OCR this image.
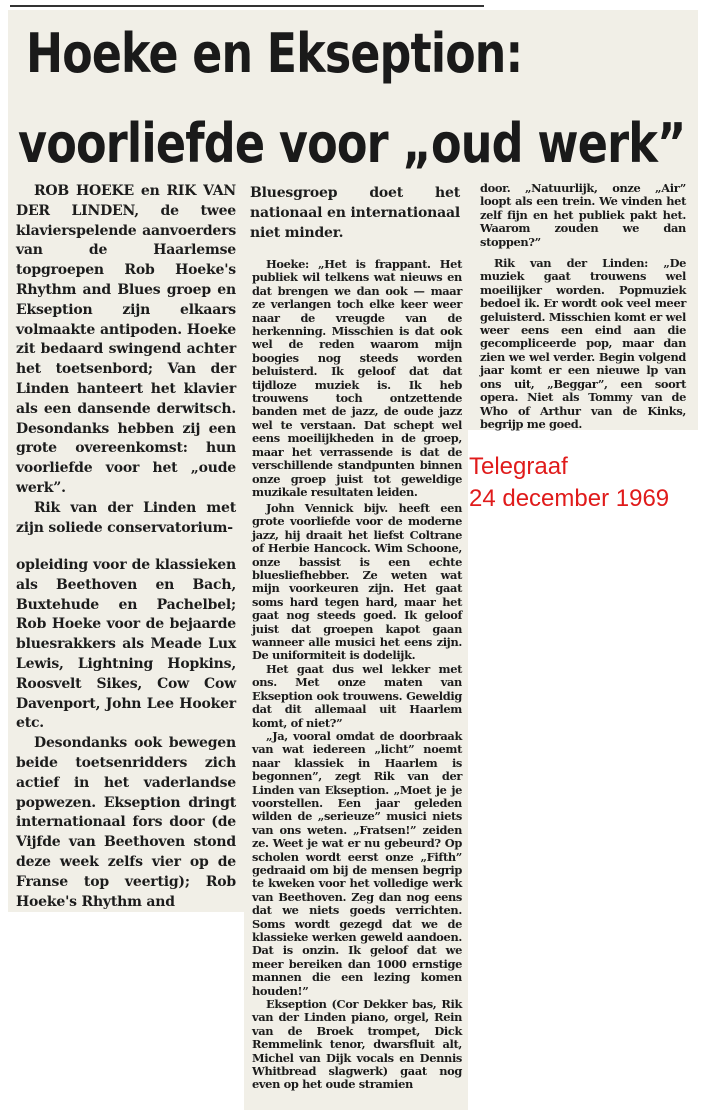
Hoeke en Ekseption:
voorliefde voor „oud werk”
ROB HOEKE en RIK VAN DER LINDEN, de twee klavierspelende aanvoerders van de Haarlemse topgroepen Rob Hoeke's Rhythm and Blues groep en Ekseption zijn elkaars volmaakte antipoden. Hoeke zit bedaard swingend achter het toetsenbord; Van der Linden hanteert het klavier als een dansende derwitsch. Desondanks hebben zij een grote overeenkomst: hun voorliefde voor het „oude werk”.
Rik van der Linden met zijn soliede conservatorium-
opleiding voor de klassieken als Beethoven en Bach, Buxtehude en Pachelbel; Rob Hoeke voor de bejaarde bluesrakkers als Meade Lux Lewis, Lightning Hopkins, Roosvelt Sikes, Cow Cow Davenport, John Lee Hooker etc.
Desondanks ook bewegen beide toetsenridders zich actief in het vaderlandse popwezen. Ekseption dringt internationaal fors door (de Vijfde van Beethoven stond deze week zelfs vier op de Franse top veertig); Rob Hoeke's Rhythm and
Bluesgroep doet het nationaal en internationaal niet minder.
Hoeke: „Het is frappant. Het publiek wil telkens wat nieuws en dat brengen we dan ook — maar ze verlangen toch elke keer weer naar de vreugde van de herkenning. Misschien is dat ook wel de reden waarom mijn boogies nog steeds worden beluisterd. Ik geloof dat dat tijdloze muziek is. Ik heb trouwens toch ontzettende banden met de jazz, de oude jazz wel te verstaan. Dat schept wel eens moeilijkheden in de groep, maar het verrassende is dat de verschillende standpunten binnen onze groep juist tot geweldige muzikale resultaten leiden.
John Vennick bijv. heeft een grote voorliefde voor de moderne jazz, hij draait het liefst Coltrane of Herbie Hancock. Wim Schoone, onze bassist is een echte bluesliefhebber. Ze weten wat mijn voorkeuren zijn. Het gaat soms hard tegen hard, maar het gaat nog steeds goed. Ik geloof juist dat groepen kapot gaan wanneer alle musici het eens zijn. De uniformiteit is dodelijk.
Het gaat dus wel lekker met ons. Met onze maten van Ekseption ook trouwens. Geweldig dat dit allemaal uit Haarlem komt, of niet?”
„Ja, vooral omdat de doorbraak van wat iedereen „licht” noemt naar klassiek in Haarlem is begonnen”, zegt Rik van der Linden van Ekseption. „Moet je je voorstellen. Een jaar geleden wilden de „serieuze” musici niets van ons weten. „Fratsen!” zeiden ze. Weet je wat er nu gebeurd? Op scholen wordt eerst onze „Fifth” gedraaid om bij de mensen begrip te kweken voor het volledige werk van Beethoven. Zeg dan nog eens dat we niets goeds verrichten. Soms wordt gezegd dat we de klassieke werken geweld aandoen. Dat is onzin. Ik geloof dat we meer bereiken dan 1000 ernstige mannen die een lezing komen houden!”
Ekseption (Cor Dekker bas, Rik van der Linden piano, orgel, Rein van de Broek trompet, Dick Remmelink tenor, dwarsfluit alt, Michel van Dijk vocals en Dennis Whitbread slagwerk) gaat nog even op het oude stramien
door. „Natuurlijk, onze „Air” loopt als een trein. We vinden het zelf fijn en het publiek pakt het. Waarom zouden we dan stoppen?”
Rik van der Linden: „De muziek gaat trouwens wel moeilijker worden. Popmuziek bedoel ik. Er wordt ook veel meer geluisterd. Misschien komt er wel weer eens een eind aan die gecompliceerde pop, maar dan zien we wel verder. Begin volgend jaar komt er een nieuwe lp van ons uit, „Beggar”, een soort opera. Niet als Tommy van de Who of Arthur van de Kinks, begrijp me goed.
Telegraaf
24 december 1969
